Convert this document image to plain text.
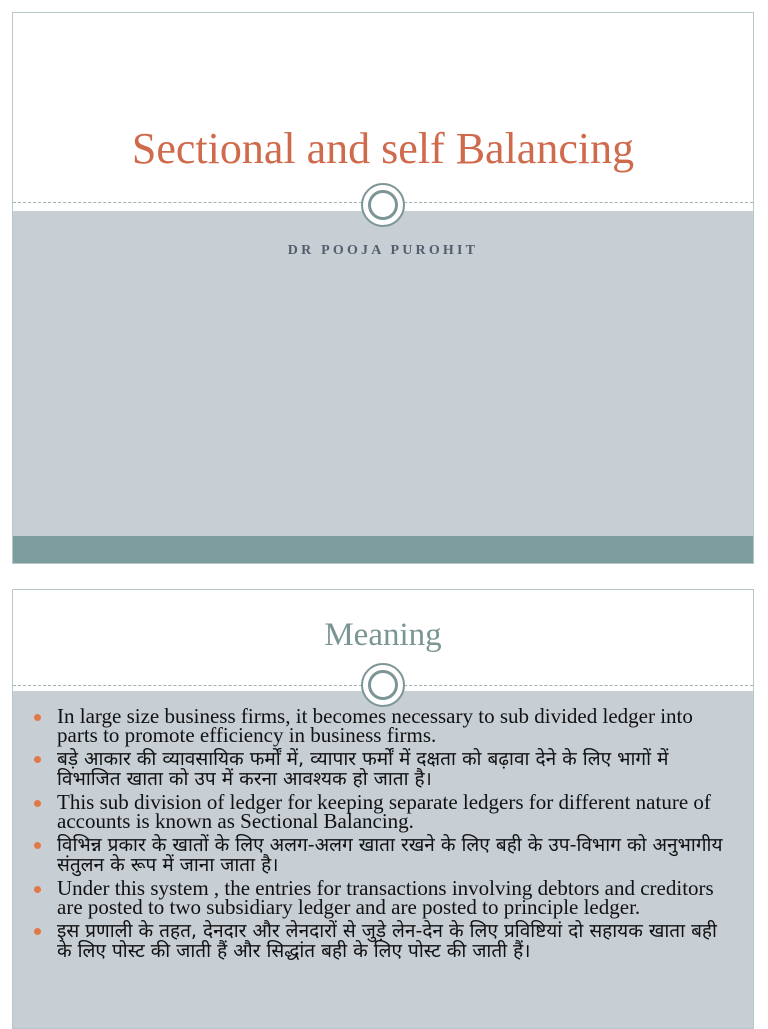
Sectional and self Balancing
DR POOJA PUROHIT
Meaning
In large size business firms, it becomes necessary to sub divided ledger into parts to promote efficiency in business firms.
बड़े आकार की व्यावसायिक फर्मों में, व्यापार फर्मों में दक्षता को बढ़ावा देने के लिए भागों में विभाजित खाता को उप में करना आवश्यक हो जाता है।
This sub division of ledger for keeping separate ledgers for different nature of accounts is known as Sectional Balancing.
विभिन्न प्रकार के खातों के लिए अलग-अलग खाता रखने के लिए बही के उप-विभाग को अनुभागीय संतुलन के रूप में जाना जाता है।
Under this system , the entries for transactions involving debtors and creditors are posted to two subsidiary ledger and are posted to principle ledger.
इस प्रणाली के तहत, देनदार और लेनदारों से जुड़े लेन-देन के लिए प्रविष्टियां दो सहायक खाता बही के लिए पोस्ट की जाती हैं और सिद्धांत बही के लिए पोस्ट की जाती हैं।
